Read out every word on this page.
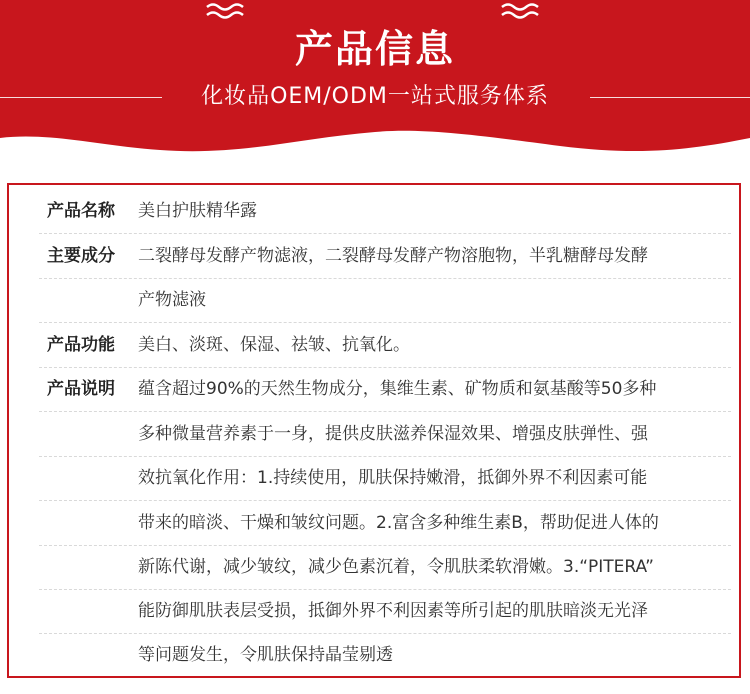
产品信息
化妆品OEM/ODM一站式服务体系
产品名称 美白护肤精华露
主要成分 二裂酵母发酵产物滤液，二裂酵母发酵产物溶胞物，半乳糖酵母发酵
产物滤液
产品功能 美白、淡斑、保湿、祛皱、抗氧化。
产品说明 蕴含超过90%的天然生物成分，集维生素、矿物质和氨基酸等50多种
多种微量营养素于一身，提供皮肤滋养保湿效果、增强皮肤弹性、强
效抗氧化作用：1.持续使用，肌肤保持嫩滑，抵御外界不利因素可能
带来的暗淡、干燥和皱纹问题。2.富含多种维生素B，帮助促进人体的
新陈代谢，减少皱纹，减少色素沉着，令肌肤柔软滑嫩。3.“PITERA”
能防御肌肤表层受损，抵御外界不利因素等所引起的肌肤暗淡无光泽
等问题发生，令肌肤保持晶莹剔透
